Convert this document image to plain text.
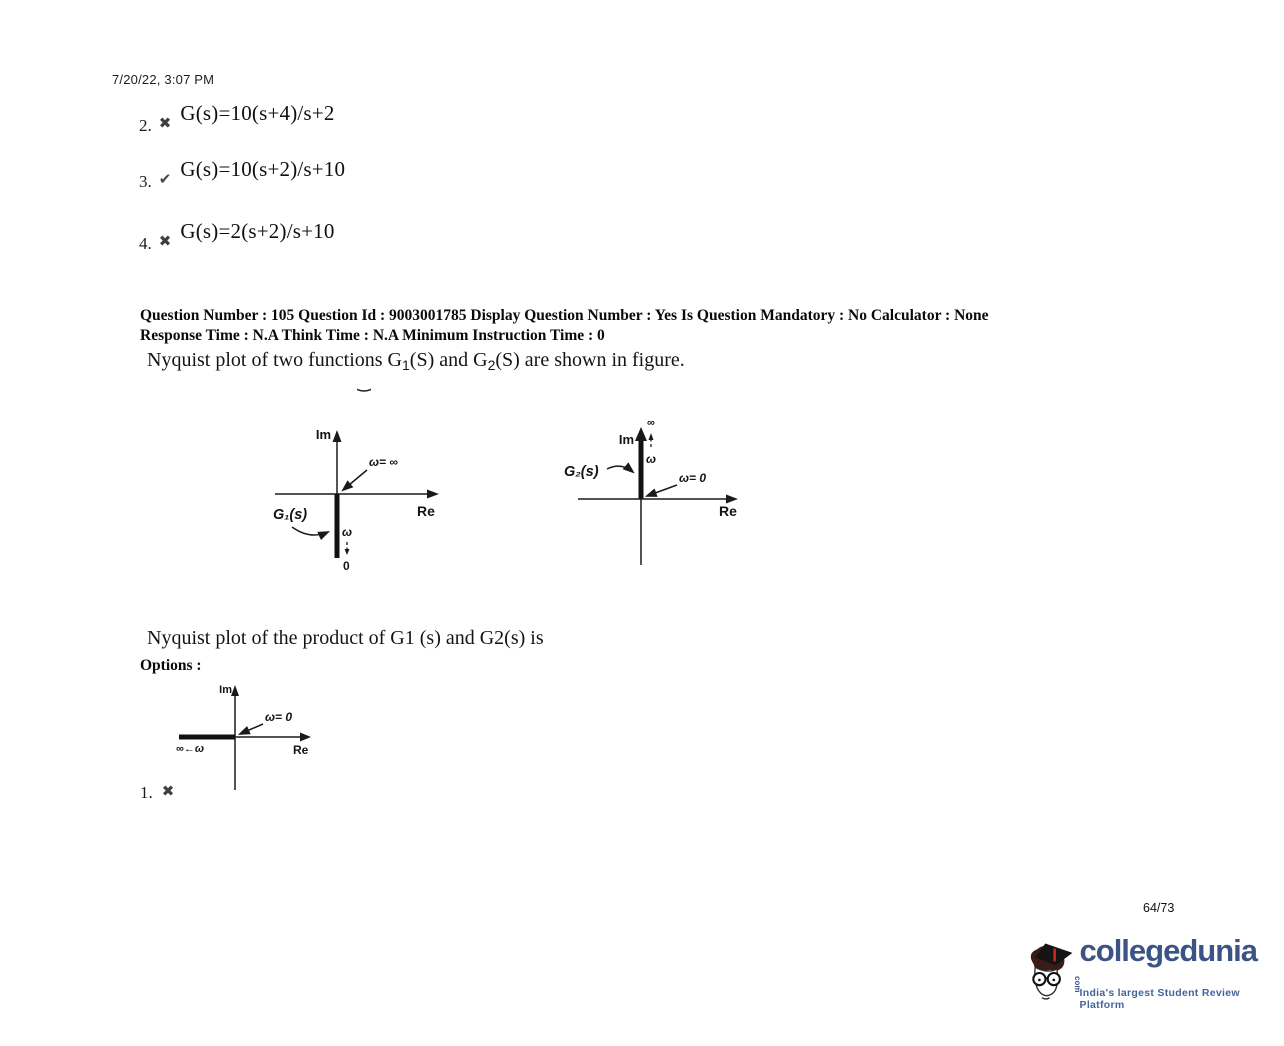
7/20/22, 3:07 PM
2. ✖ G(s)=10(s+4)/s+2
3. ✔ G(s)=10(s+2)/s+10
4. ✖ G(s)=2(s+2)/s+10
Question Number : 105 Question Id : 9003001785 Display Question Number : Yes Is Question Mandatory : No Calculator : None
Response Time : N.A Think Time : N.A Minimum Instruction Time : 0
Nyquist plot of two functions $G_1(S)$ and $G_2(S)$ are shown in figure.
‿
Im
ω= ∞
Re
G₁(s)
ω
0
Im
∞
ω
G₂(s)	ω= 0
Re
Nyquist plot of the product of G1 (s) and G2(s) is
Options :
Im
ω= 0
∞←ω	Re
1. ✖
64/73
collegeduniacom
India's largest Student Review Platform
